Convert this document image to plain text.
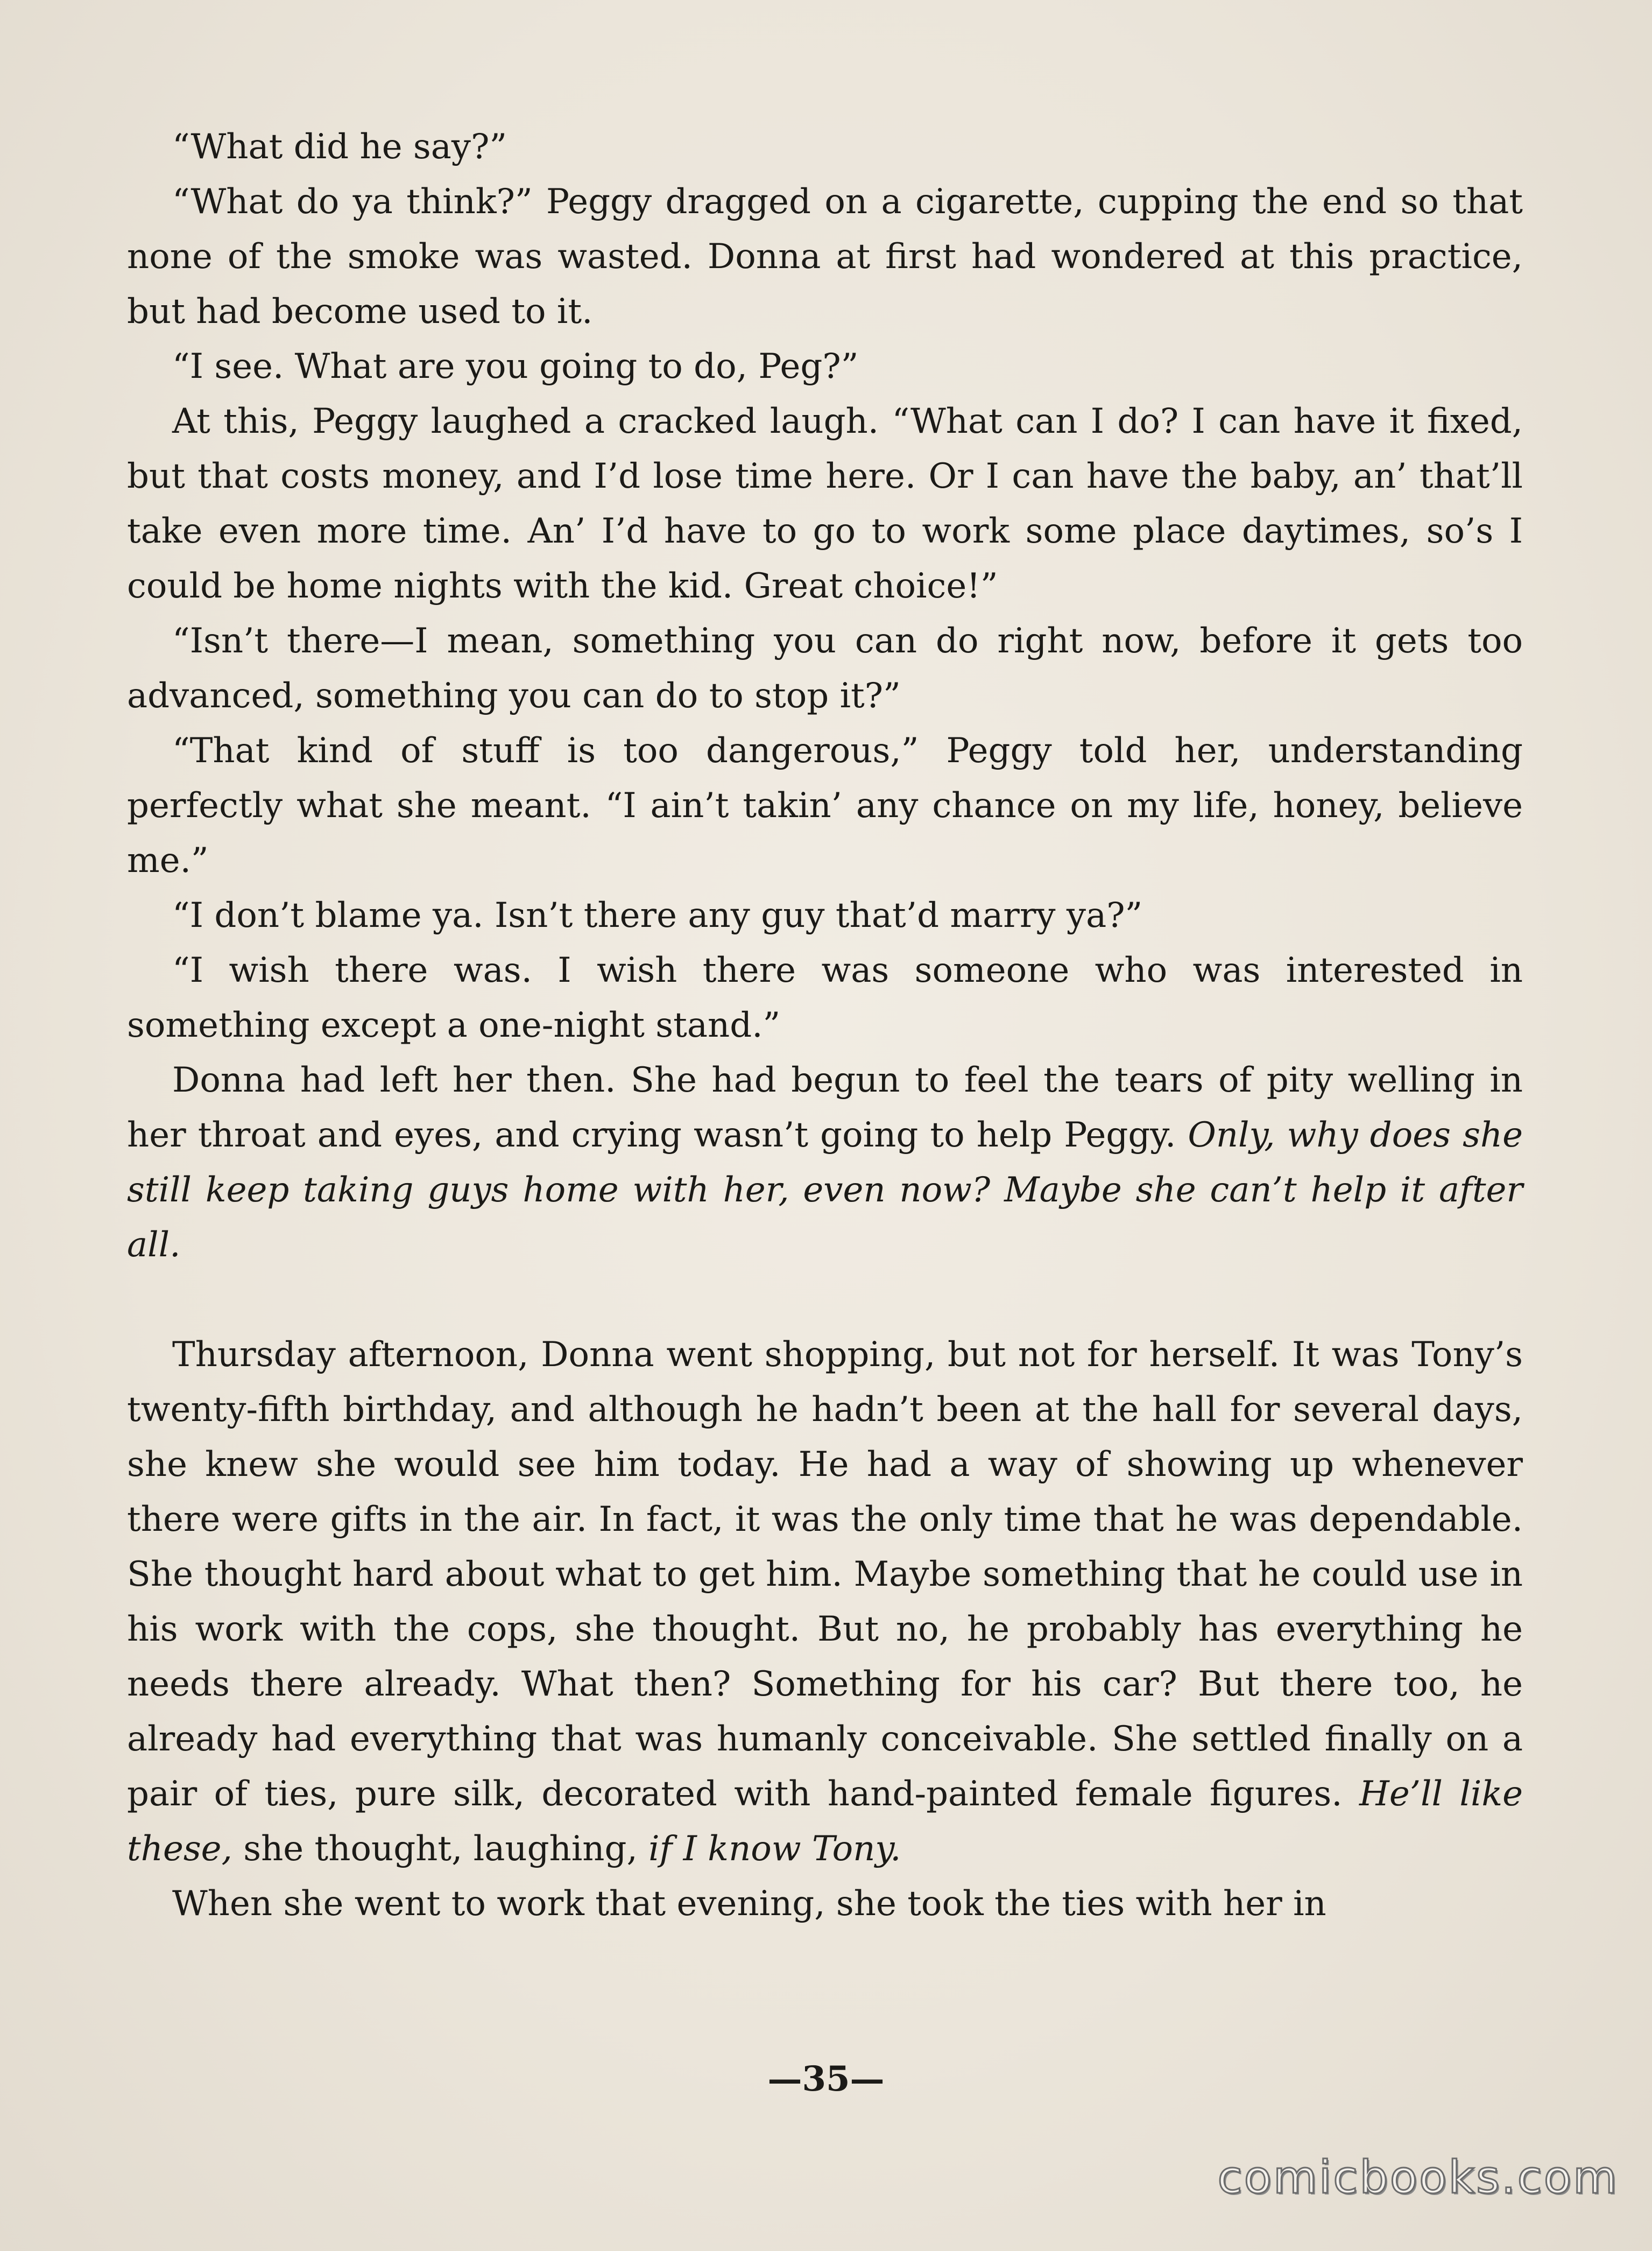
“What did he say?”

“What do ya think?” Peggy dragged on a cigarette, cupping the end so that none of the smoke was wasted. Donna at first had wondered at this practice, but had become used to it.

“I see. What are you going to do, Peg?”

At this, Peggy laughed a cracked laugh. “What can I do? I can have it fixed, but that costs money, and I’d lose time here. Or I can have the baby, an’ that’ll take even more time. An’ I’d have to go to work some place daytimes, so’s I could be home nights with the kid. Great choice!”

“Isn’t there—I mean, something you can do right now, before it gets too advanced, something you can do to stop it?”

“That kind of stuff is too dangerous,” Peggy told her, understanding perfectly what she meant. “I ain’t takin’ any chance on my life, honey, believe me.”

“I don’t blame ya. Isn’t there any guy that’d marry ya?”

“I wish there was. I wish there was someone who was interested in something except a one-night stand.”

Donna had left her then. She had begun to feel the tears of pity welling in her throat and eyes, and crying wasn’t going to help Peggy. Only, why does she still keep taking guys home with her, even now? Maybe she can’t help it after all.

Thursday afternoon, Donna went shopping, but not for herself. It was Tony’s twenty-fifth birthday, and although he hadn’t been at the hall for several days, she knew she would see him today. He had a way of showing up whenever there were gifts in the air. In fact, it was the only time that he was dependable. She thought hard about what to get him. Maybe something that he could use in his work with the cops, she thought. But no, he probably has everything he needs there already. What then? Something for his car? But there too, he already had everything that was humanly conceivable. She settled finally on a pair of ties, pure silk, decorated with hand-painted female figures. He’ll like these, she thought, laughing, if I know Tony.

When she went to work that evening, she took the ties with her in

—35—
comicbooks.com
